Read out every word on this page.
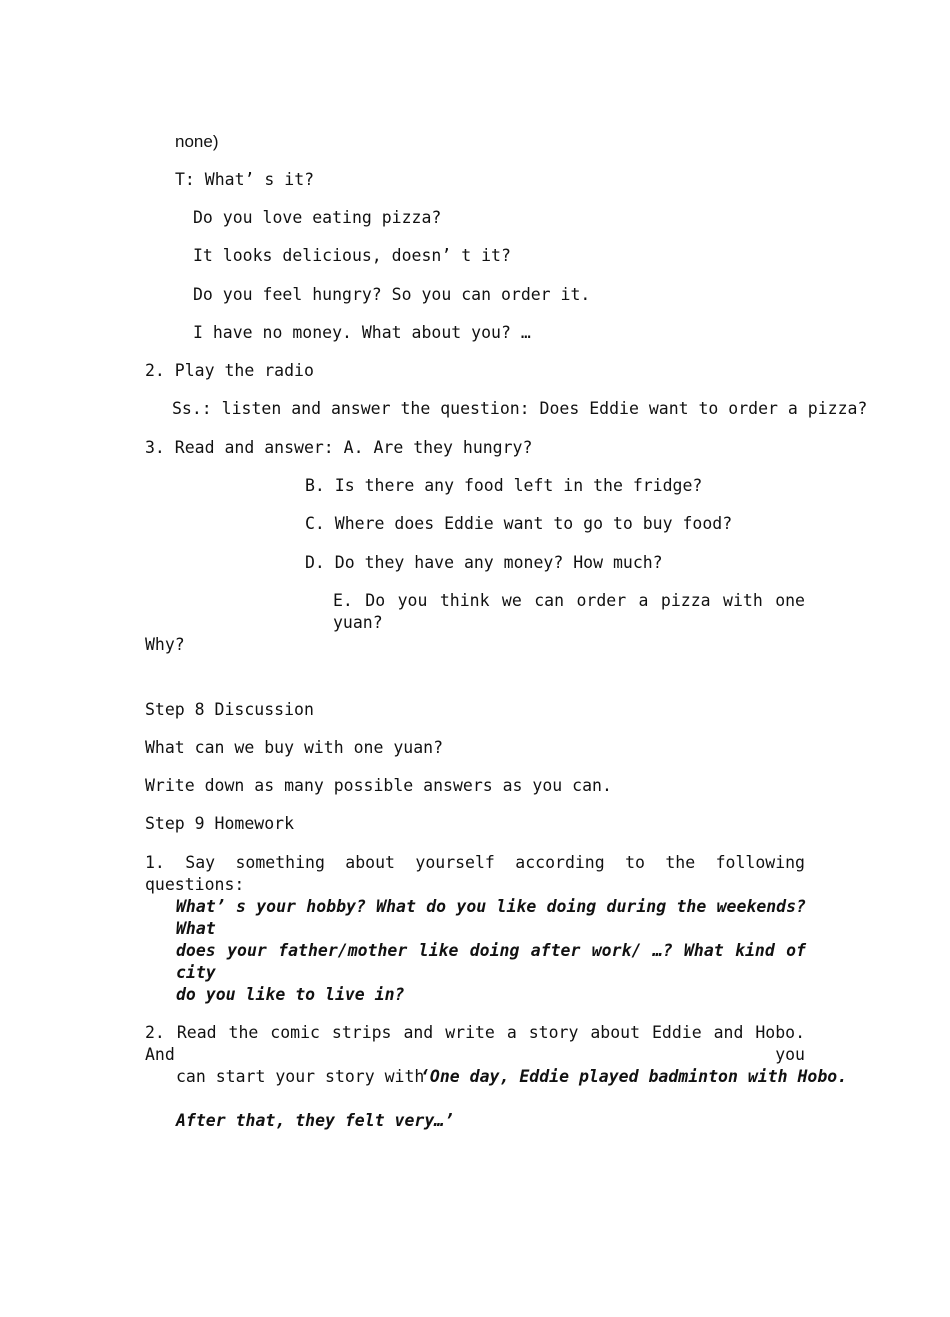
none)
T: What’ s it?
Do you love eating pizza?
It looks delicious, doesn’ t it?
Do you feel hungry? So you can order it.
I have no money. What about you? …
2. Play the radio
Ss.: listen and answer the question: Does Eddie want to order a pizza?
3. Read and answer: A. Are they hungry?
B. Is there any food left in the fridge?
C. Where does Eddie want to go to buy food?
D. Do they have any money? How much?
E. Do you think we can order a pizza with one yuan?
Why?
Step 8 Discussion
What can we buy with one yuan?
Write down as many possible answers as you can.
Step 9 Homework
1. Say something about yourself according to the following questions:
What’ s your hobby? What do you like doing during the weekends? What
does your father/mother like doing after work/ …? What kind of city
do you like to live in?
2. Read the comic strips and write a story about Eddie and Hobo. And you
can start your story with
‘One day, Eddie played badminton with Hobo.
After that, they felt very…’
